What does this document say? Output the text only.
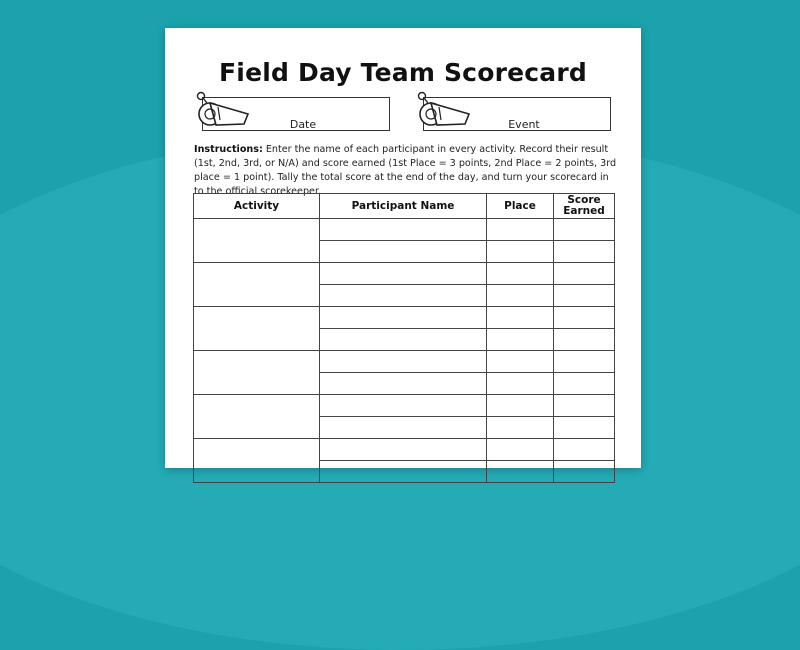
Field Day Team Scorecard
Date	Event
Instructions: Enter the name of each participant in every activity. Record their result (1st, 2nd, 3rd, or N/A) and score earned (1st Place = 3 points, 2nd Place = 2 points, 3rd place = 1 point). Tally the total score at the end of the day, and turn your scorecard in to the official scorekeeper.
Activity	Participant Name	Place	Score
Earned
